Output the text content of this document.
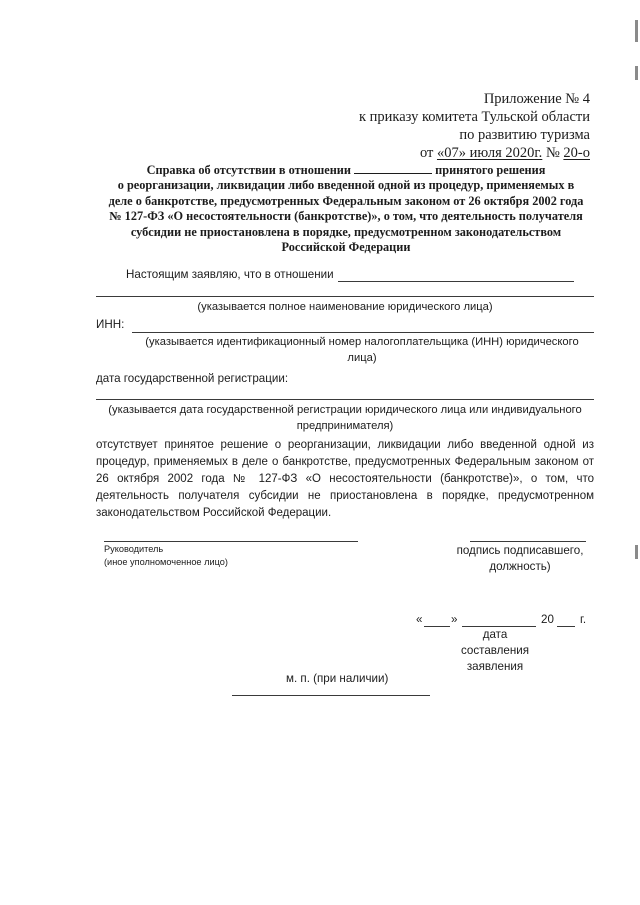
Приложение № 4
к приказу комитета Тульской области
по развитию туризма
от «07» июля 2020г. № 20-о
Справка об отсутствии в отношении	принятого решения
о реорганизации, ликвидации либо введенной одной из процедур, применяемых в
деле о банкротстве, предусмотренных Федеральным законом от 26 октября 2002 года
№ 127-ФЗ «О несостоятельности (банкротстве)», о том, что деятельность получателя
субсидии не приостановлена в порядке, предусмотренном законодательством
Российской Федерации
Настоящим заявляю, что в отношении
(указывается полное наименование юридического лица)
ИНН:
(указывается идентификационный номер налогоплательщика (ИНН) юридического
лица)
дата государственной регистрации:
(указывается дата государственной регистрации юридического лица или индивидуального
предпринимателя)
отсутствует принятое решение о реорганизации, ликвидации либо введенной одной из процедур, применяемых в деле о банкротстве, предусмотренных Федеральным законом от 26 октября 2002 года № 127-ФЗ «О несостоятельности (банкротстве)», о том, что деятельность получателя субсидии не приостановлена в порядке, предусмотренном законодательством Российской Федерации.
Руководитель
(иное уполномоченное лицо)
подпись подписавшего,
должность)
« »	20 г.
дата
составления
заявления
м. п. (при наличии)
